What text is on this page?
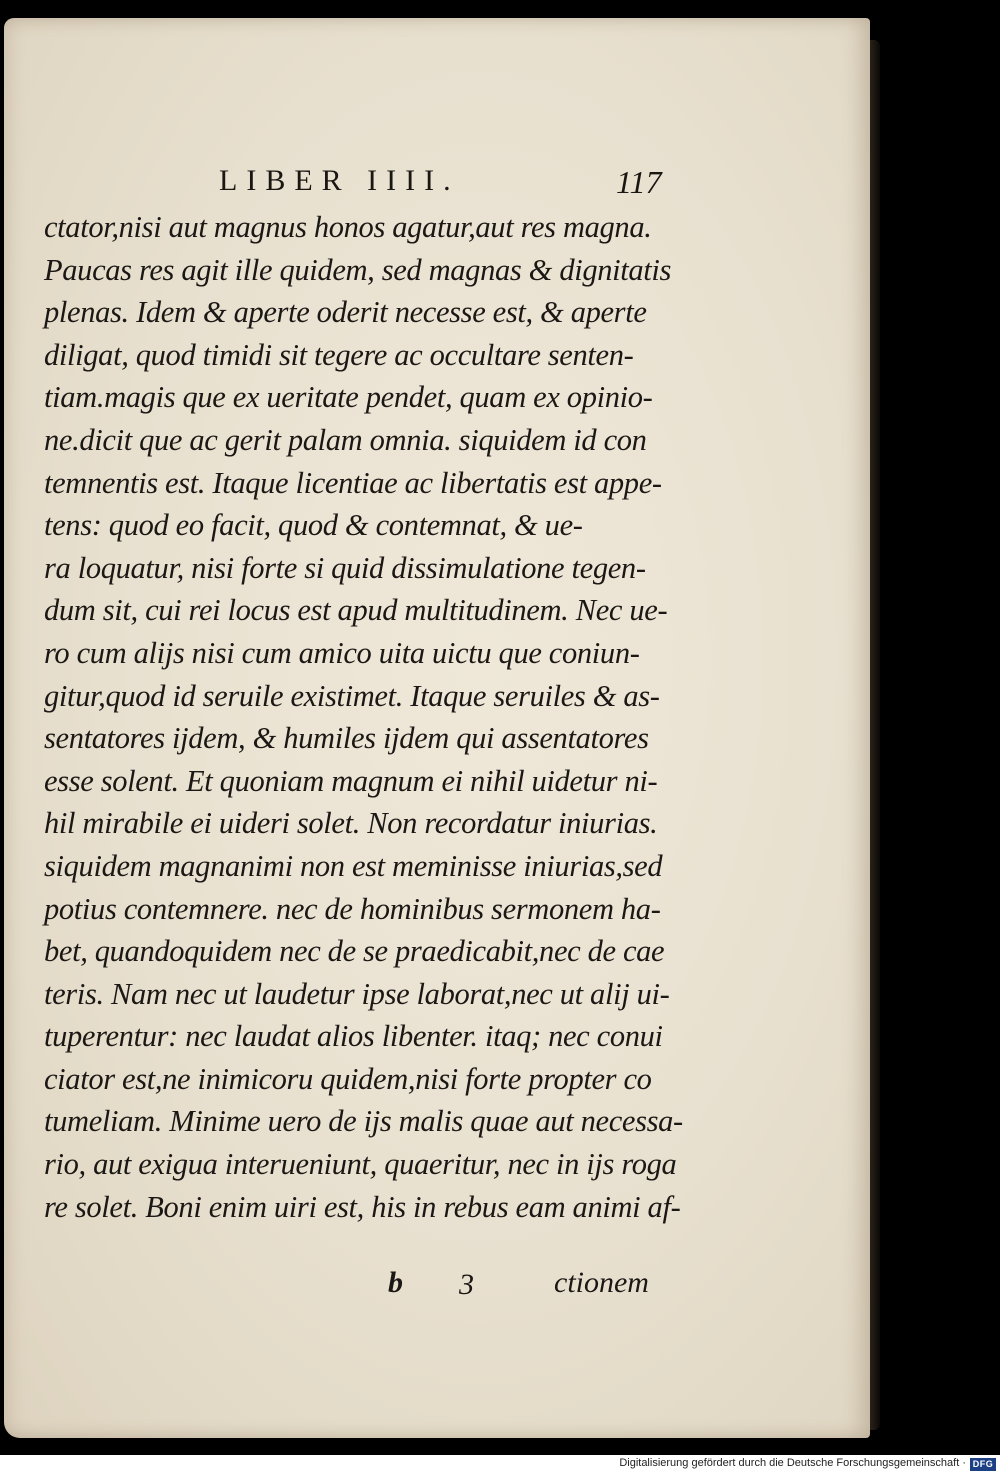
LIBER IIII.	117
ctator,nisi aut magnus honos agatur,aut res magna.
Paucas res agit ille quidem, sed magnas & dignitatis
plenas. Idem & aperte oderit necesse est, & aperte
diligat, quod timidi sit tegere ac occultare senten-
tiam.magis que ex ueritate pendet, quam ex opinio-
ne.dicit que ac gerit palam omnia. siquidem id con
temnentis est. Itaque licentiae ac libertatis est appe-
tens: quod eo facit, quod & contemnat, & ue-
ra loquatur, nisi forte si quid dissimulatione tegen-
dum sit, cui rei locus est apud multitudinem. Nec ue-
ro cum alijs nisi cum amico uita uictu que coniun-
gitur,quod id seruile existimet. Itaque seruiles & as-
sentatores ijdem, & humiles ijdem qui assentatores
esse solent. Et quoniam magnum ei nihil uidetur ni-
hil mirabile ei uideri solet. Non recordatur iniurias.
siquidem magnanimi non est meminisse iniurias,sed
potius contemnere. nec de hominibus sermonem ha-
bet, quandoquidem nec de se praedicabit,nec de cae
teris. Nam nec ut laudetur ipse laborat,nec ut alij ui-
tuperentur: nec laudat alios libenter. itaq; nec conui
ciator est,ne inimicoru quidem,nisi forte propter co
tumeliam. Minime uero de ijs malis quae aut necessa-
rio, aut exigua interueniunt, quaeritur, nec in ijs roga
re solet. Boni enim uiri est, his in rebus eam animi af-
b 3	ctionem
Digitalisierung gefördert durch die Deutsche Forschungsgemeinschaft · DFG
